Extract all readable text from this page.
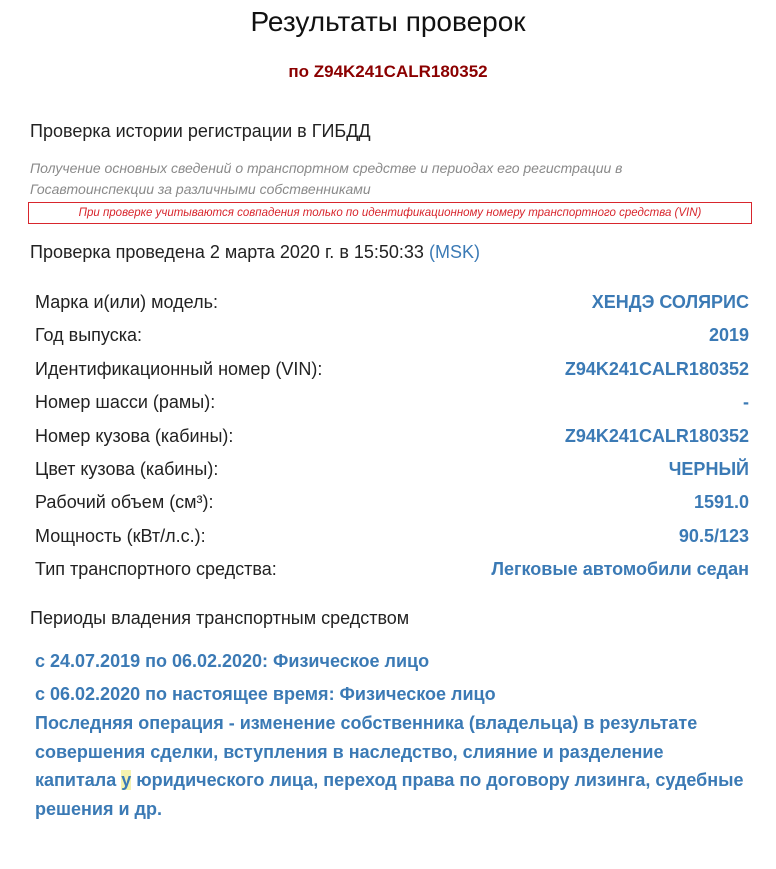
Результаты проверок
по Z94K241CALR180352
Проверка истории регистрации в ГИБДД
Получение основных сведений о транспортном средстве и периодах его регистрации в Госавтоинспекции за различными собственниками
При проверке учитываются совпадения только по идентификационному номеру транспортного средства (VIN)
Проверка проведена 2 марта 2020 г. в 15:50:33 (MSK)
Марка и(или) модель:	ХЕНДЭ СОЛЯРИС
Год выпуска:	2019
Идентификационный номер (VIN):	Z94K241CALR180352
Номер шасси (рамы):	-
Номер кузова (кабины):	Z94K241CALR180352
Цвет кузова (кабины):	ЧЕРНЫЙ
Рабочий объем (см³):	1591.0
Мощность (кВт/л.с.):	90.5/123
Тип транспортного средства:	Легковые автомобили седан
Периоды владения транспортным средством
с 24.07.2019 по 06.02.2020: Физическое лицо
с 06.02.2020 по настоящее время: Физическое лицо
Последняя операция - изменение собственника (владельца) в результате совершения сделки, вступления в наследство, слияние и разделение капитала у юридического лица, переход права по договору лизинга, судебные решения и др.
